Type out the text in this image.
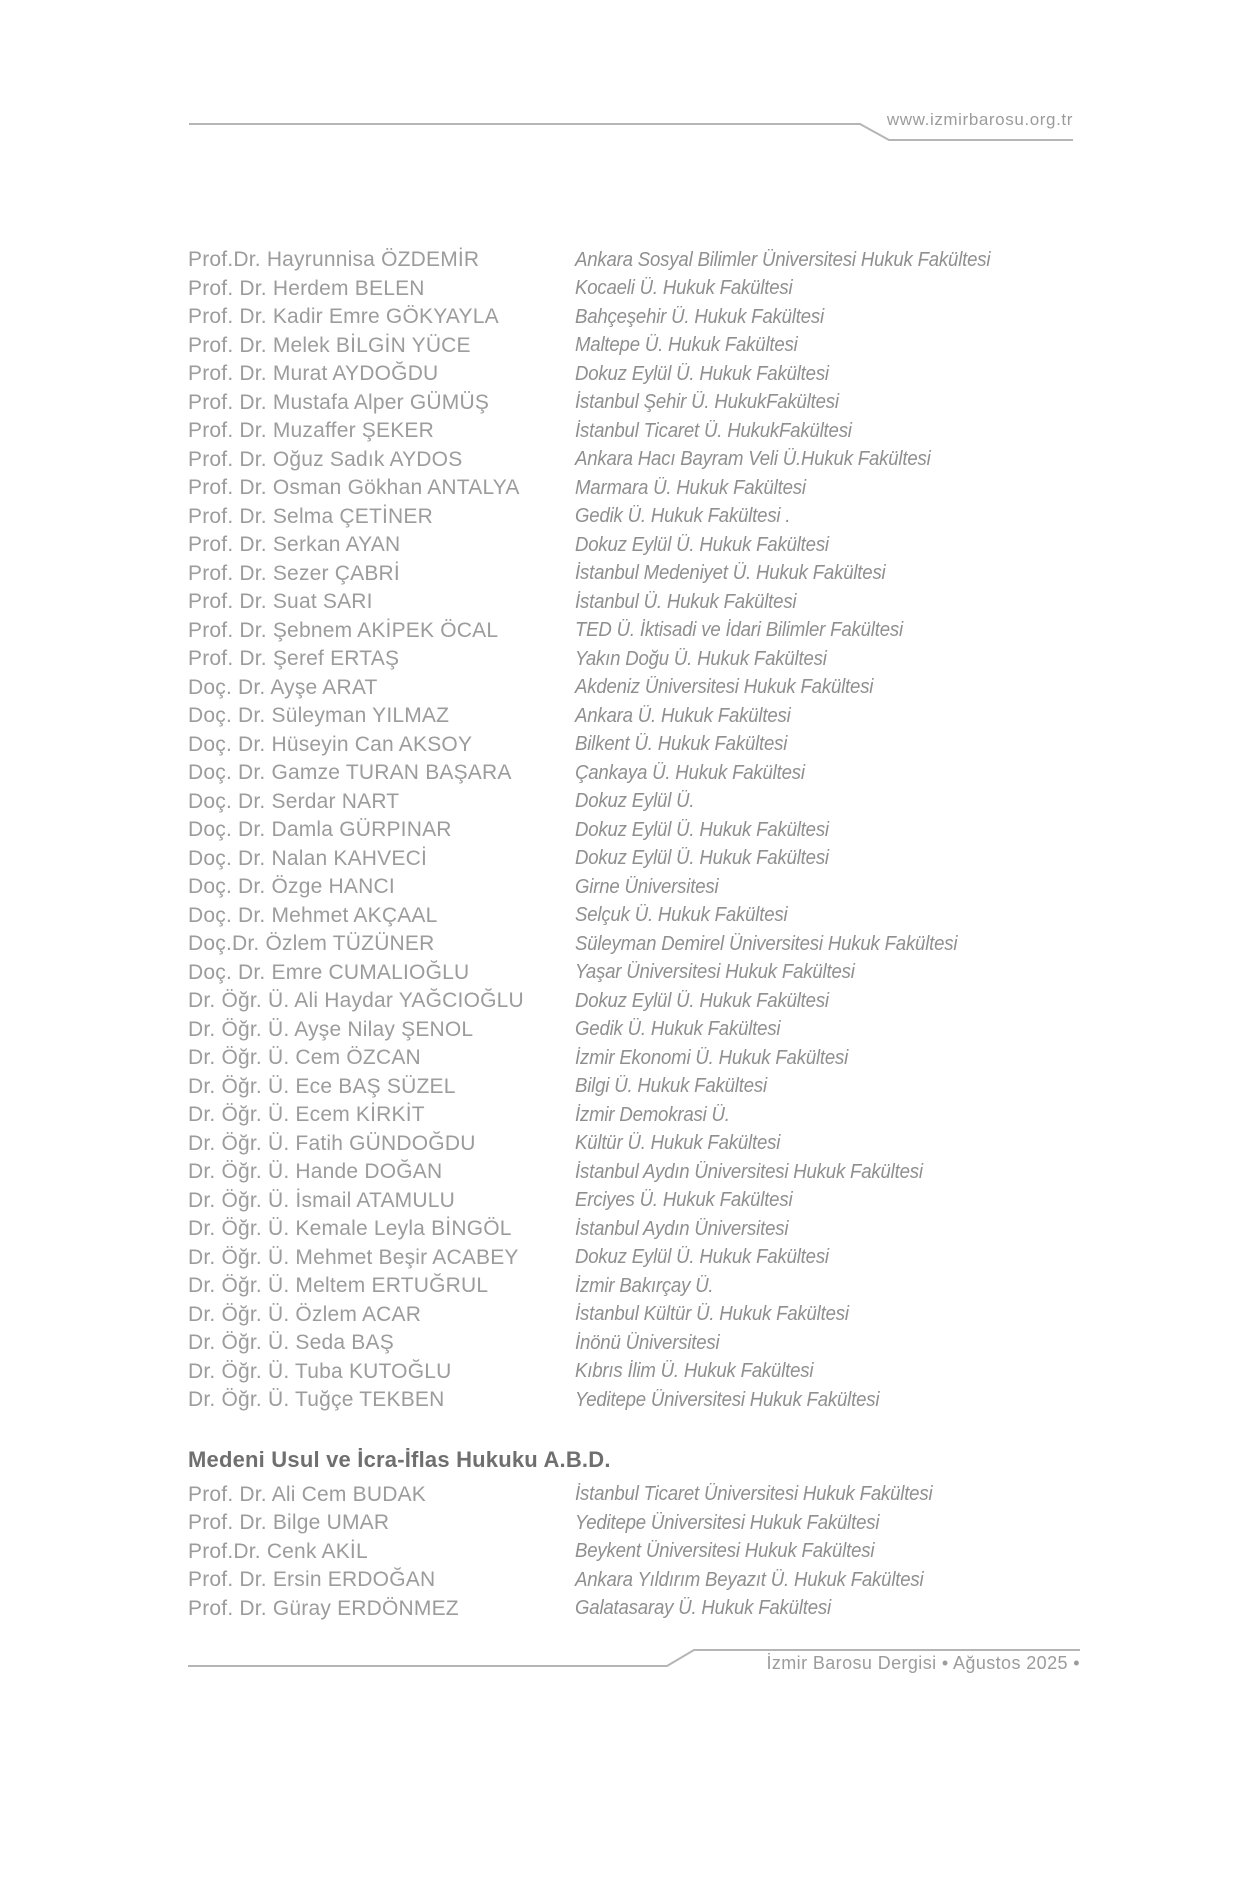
www.izmirbarosu.org.tr
Prof.Dr. Hayrunnisa ÖZDEMİR	Ankara Sosyal Bilimler Üniversitesi Hukuk Fakültesi
Prof. Dr. Herdem BELEN	Kocaeli Ü. Hukuk Fakültesi
Prof. Dr. Kadir Emre GÖKYAYLA	Bahçeşehir Ü. Hukuk Fakültesi
Prof. Dr. Melek BİLGİN YÜCE	Maltepe Ü. Hukuk Fakültesi
Prof. Dr. Murat AYDOĞDU	Dokuz Eylül Ü. Hukuk Fakültesi
Prof. Dr. Mustafa Alper GÜMÜŞ	İstanbul Şehir Ü. HukukFakültesi
Prof. Dr. Muzaffer ŞEKER	İstanbul Ticaret Ü. HukukFakültesi
Prof. Dr. Oğuz Sadık AYDOS	Ankara Hacı Bayram Veli Ü.Hukuk Fakültesi
Prof. Dr. Osman Gökhan ANTALYA	Marmara Ü. Hukuk Fakültesi
Prof. Dr. Selma ÇETİNER	Gedik Ü. Hukuk Fakültesi .
Prof. Dr. Serkan AYAN	Dokuz Eylül Ü. Hukuk Fakültesi
Prof. Dr. Sezer ÇABRİ	İstanbul Medeniyet Ü. Hukuk Fakültesi
Prof. Dr. Suat SARI	İstanbul Ü. Hukuk Fakültesi
Prof. Dr. Şebnem AKİPEK ÖCAL	TED Ü. İktisadi ve İdari Bilimler Fakültesi
Prof. Dr. Şeref ERTAŞ	Yakın Doğu Ü. Hukuk Fakültesi
Doç. Dr. Ayşe ARAT	Akdeniz Üniversitesi Hukuk Fakültesi
Doç. Dr. Süleyman YILMAZ	Ankara Ü. Hukuk Fakültesi
Doç. Dr. Hüseyin Can AKSOY	Bilkent Ü. Hukuk Fakültesi
Doç. Dr. Gamze TURAN BAŞARA	Çankaya Ü. Hukuk Fakültesi
Doç. Dr. Serdar NART	Dokuz Eylül Ü.
Doç. Dr. Damla GÜRPINAR	Dokuz Eylül Ü. Hukuk Fakültesi
Doç. Dr. Nalan KAHVECİ	Dokuz Eylül Ü. Hukuk Fakültesi
Doç. Dr. Özge HANCI	Girne Üniversitesi
Doç. Dr. Mehmet AKÇAAL	Selçuk Ü. Hukuk Fakültesi
Doç.Dr. Özlem TÜZÜNER	Süleyman Demirel Üniversitesi Hukuk Fakültesi
Doç. Dr. Emre CUMALIOĞLU	Yaşar Üniversitesi Hukuk Fakültesi
Dr. Öğr. Ü. Ali Haydar YAĞCIOĞLU	Dokuz Eylül Ü. Hukuk Fakültesi
Dr. Öğr. Ü. Ayşe Nilay ŞENOL	Gedik Ü. Hukuk Fakültesi
Dr. Öğr. Ü. Cem ÖZCAN	İzmir Ekonomi Ü. Hukuk Fakültesi
Dr. Öğr. Ü. Ece BAŞ SÜZEL	Bilgi Ü. Hukuk Fakültesi
Dr. Öğr. Ü. Ecem KİRKİT	İzmir Demokrasi Ü.
Dr. Öğr. Ü. Fatih GÜNDOĞDU	Kültür Ü. Hukuk Fakültesi
Dr. Öğr. Ü. Hande DOĞAN	İstanbul Aydın Üniversitesi Hukuk Fakültesi
Dr. Öğr. Ü. İsmail ATAMULU	Erciyes Ü. Hukuk Fakültesi
Dr. Öğr. Ü. Kemale Leyla BİNGÖL	İstanbul Aydın Üniversitesi
Dr. Öğr. Ü. Mehmet Beşir ACABEY	Dokuz Eylül Ü. Hukuk Fakültesi
Dr. Öğr. Ü. Meltem ERTUĞRUL	İzmir Bakırçay Ü.
Dr. Öğr. Ü. Özlem ACAR	İstanbul Kültür Ü. Hukuk Fakültesi
Dr. Öğr. Ü. Seda BAŞ	İnönü Üniversitesi
Dr. Öğr. Ü. Tuba KUTOĞLU	Kıbrıs İlim Ü. Hukuk Fakültesi
Dr. Öğr. Ü. Tuğçe TEKBEN	Yeditepe Üniversitesi Hukuk Fakültesi
Medeni Usul ve İcra-İflas Hukuku A.B.D.
Prof. Dr. Ali Cem BUDAK	İstanbul Ticaret Üniversitesi Hukuk Fakültesi
Prof. Dr. Bilge UMAR	Yeditepe Üniversitesi Hukuk Fakültesi
Prof.Dr. Cenk AKİL	Beykent Üniversitesi Hukuk Fakültesi
Prof. Dr. Ersin ERDOĞAN	Ankara Yıldırım Beyazıt Ü. Hukuk Fakültesi
Prof. Dr. Güray ERDÖNMEZ	Galatasaray Ü. Hukuk Fakültesi
İzmir Barosu Dergisi • Ağustos 2025 •
